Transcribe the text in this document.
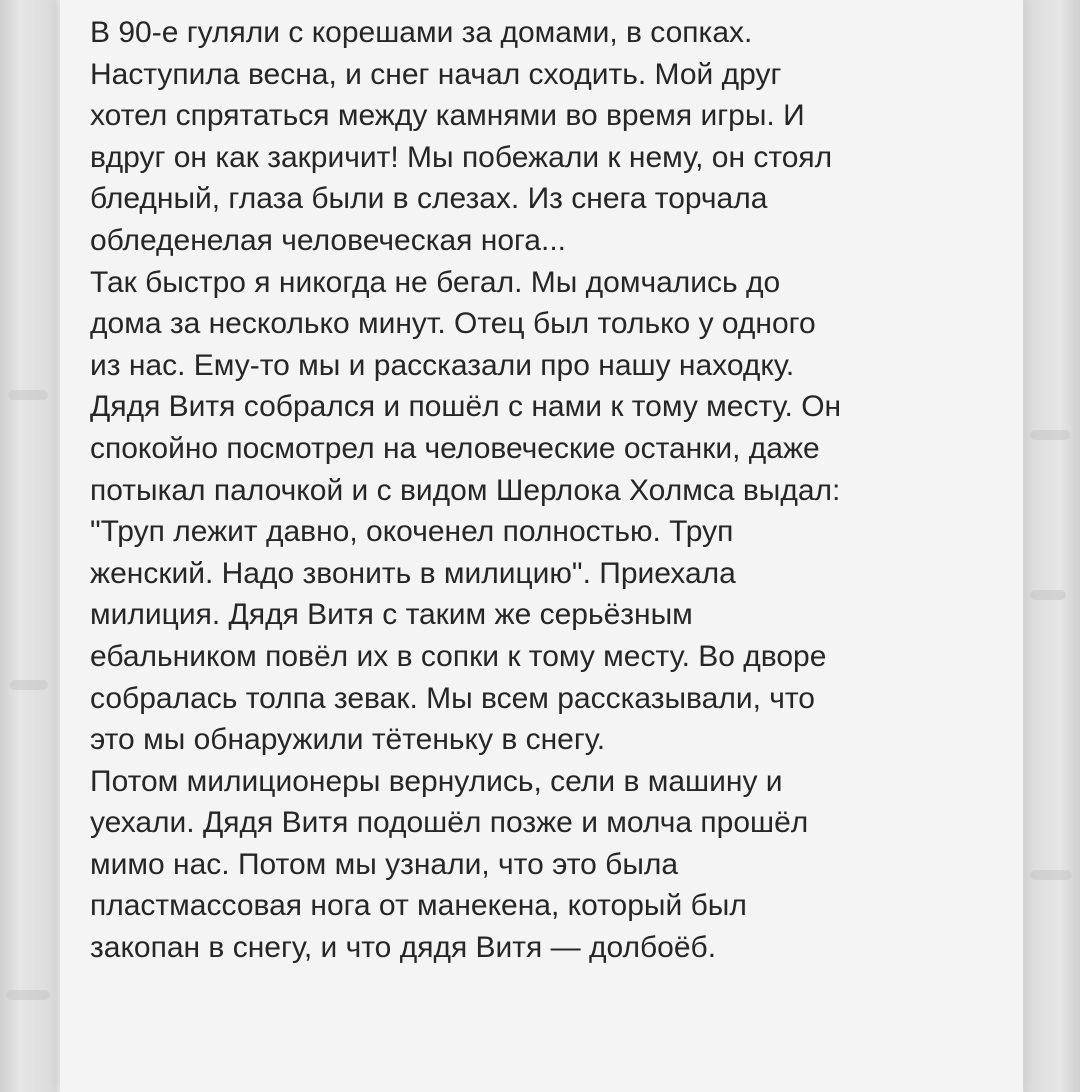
В 90-е гуляли с корешами за домами, в сопках.
Наступила весна, и снег начал сходить. Мой друг
хотел спрятаться между камнями во время игры. И
вдруг он как закричит! Мы побежали к нему, он стоял
бледный, глаза были в слезах. Из снега торчала
обледенелая человеческая нога...
Так быстро я никогда не бегал. Мы домчались до
дома за несколько минут. Отец был только у одного
из нас. Ему-то мы и рассказали про нашу находку.
Дядя Витя собрался и пошёл с нами к тому месту. Он
спокойно посмотрел на человеческие останки, даже
потыкал палочкой и с видом Шерлока Холмса выдал:
"Труп лежит давно, окоченел полностью. Труп
женский. Надо звонить в милицию". Приехала
милиция. Дядя Витя с таким же серьёзным
ебальником повёл их в сопки к тому месту. Во дворе
собралась толпа зевак. Мы всем рассказывали, что
это мы обнаружили тётеньку в снегу.
Потом милиционеры вернулись, сели в машину и
уехали. Дядя Витя подошёл позже и молча прошёл
мимо нас. Потом мы узнали, что это была
пластмассовая нога от манекена, который был
закопан в снегу, и что дядя Витя — долбоёб.
